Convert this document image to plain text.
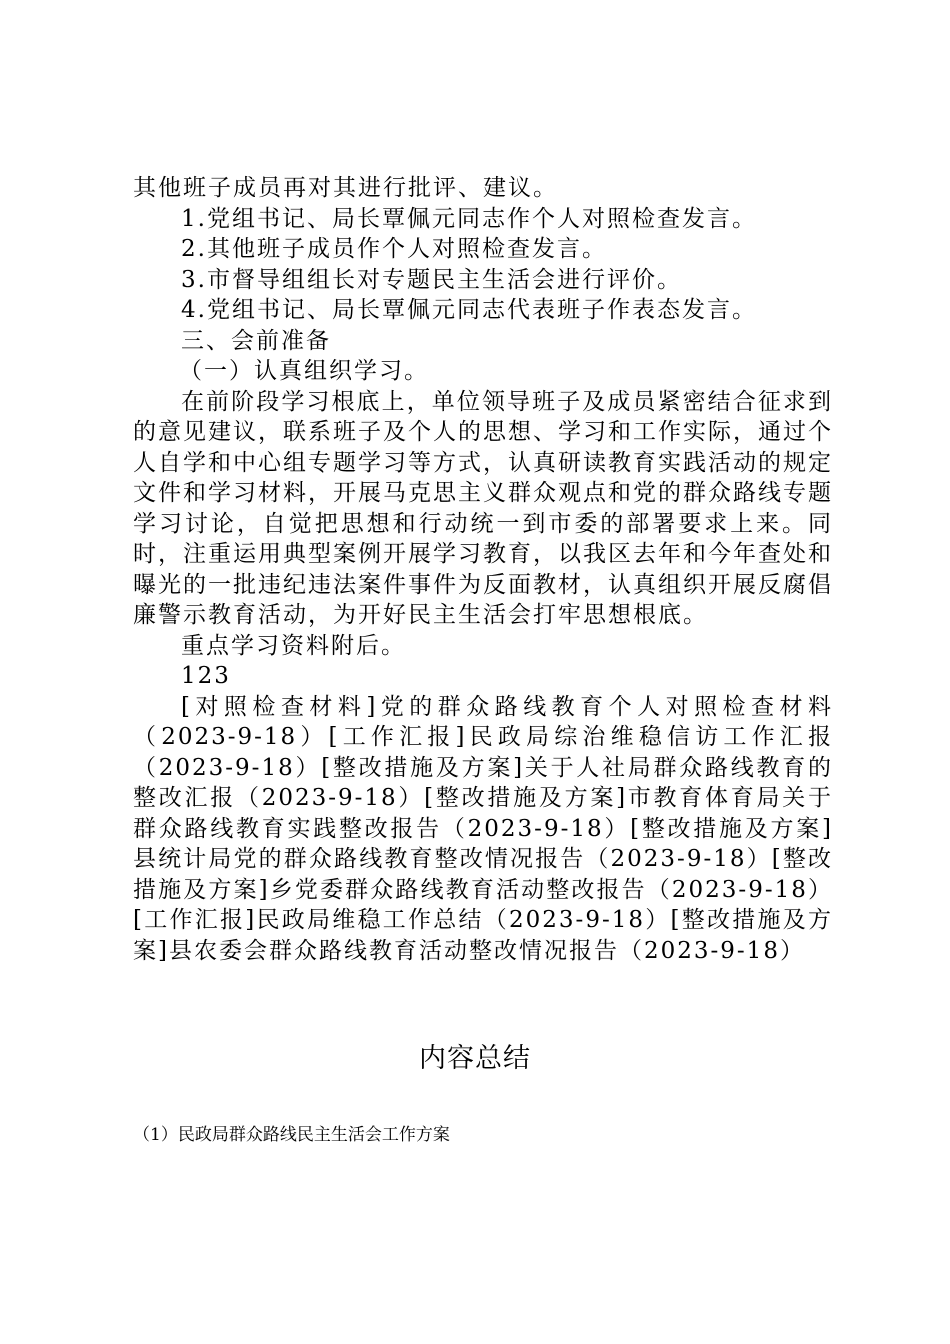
其他班子成员再对其进行批评、建议。

1.党组书记、局长覃佩元同志作个人对照检查发言。

2.其他班子成员作个人对照检查发言。

3.市督导组组长对专题民主生活会进行评价。

4.党组书记、局长覃佩元同志代表班子作表态发言。

三、会前准备

（一）认真组织学习。

在前阶段学习根底上，单位领导班子及成员紧密结合征求到的意见建议，联系班子及个人的思想、学习和工作实际，通过个人自学和中心组专题学习等方式，认真研读教育实践活动的规定文件和学习材料，开展马克思主义群众观点和党的群众路线专题学习讨论，自觉把思想和行动统一到市委的部署要求上来。同时，注重运用典型案例开展学习教育，以我区去年和今年查处和曝光的一批违纪违法案件事件为反面教材，认真组织开展反腐倡廉警示教育活动，为开好民主生活会打牢思想根底。

重点学习资料附后。

123

[对照检查材料]党的群众路线教育个人对照检查材料（2023-9-18）[工作汇报]民政局综治维稳信访工作汇报（2023-9-18）[整改措施及方案]关于人社局群众路线教育的整改汇报（2023-9-18）[整改措施及方案]市教育体育局关于群众路线教育实践整改报告（2023-9-18）[整改措施及方案]县统计局党的群众路线教育整改情况报告（2023-9-18）[整改措施及方案]乡党委群众路线教育活动整改报告（2023-9-18）[工作汇报]民政局维稳工作总结（2023-9-18）[整改措施及方案]县农委会群众路线教育活动整改情况报告（2023-9-18）

内容总结

（1）民政局群众路线民主生活会工作方案
